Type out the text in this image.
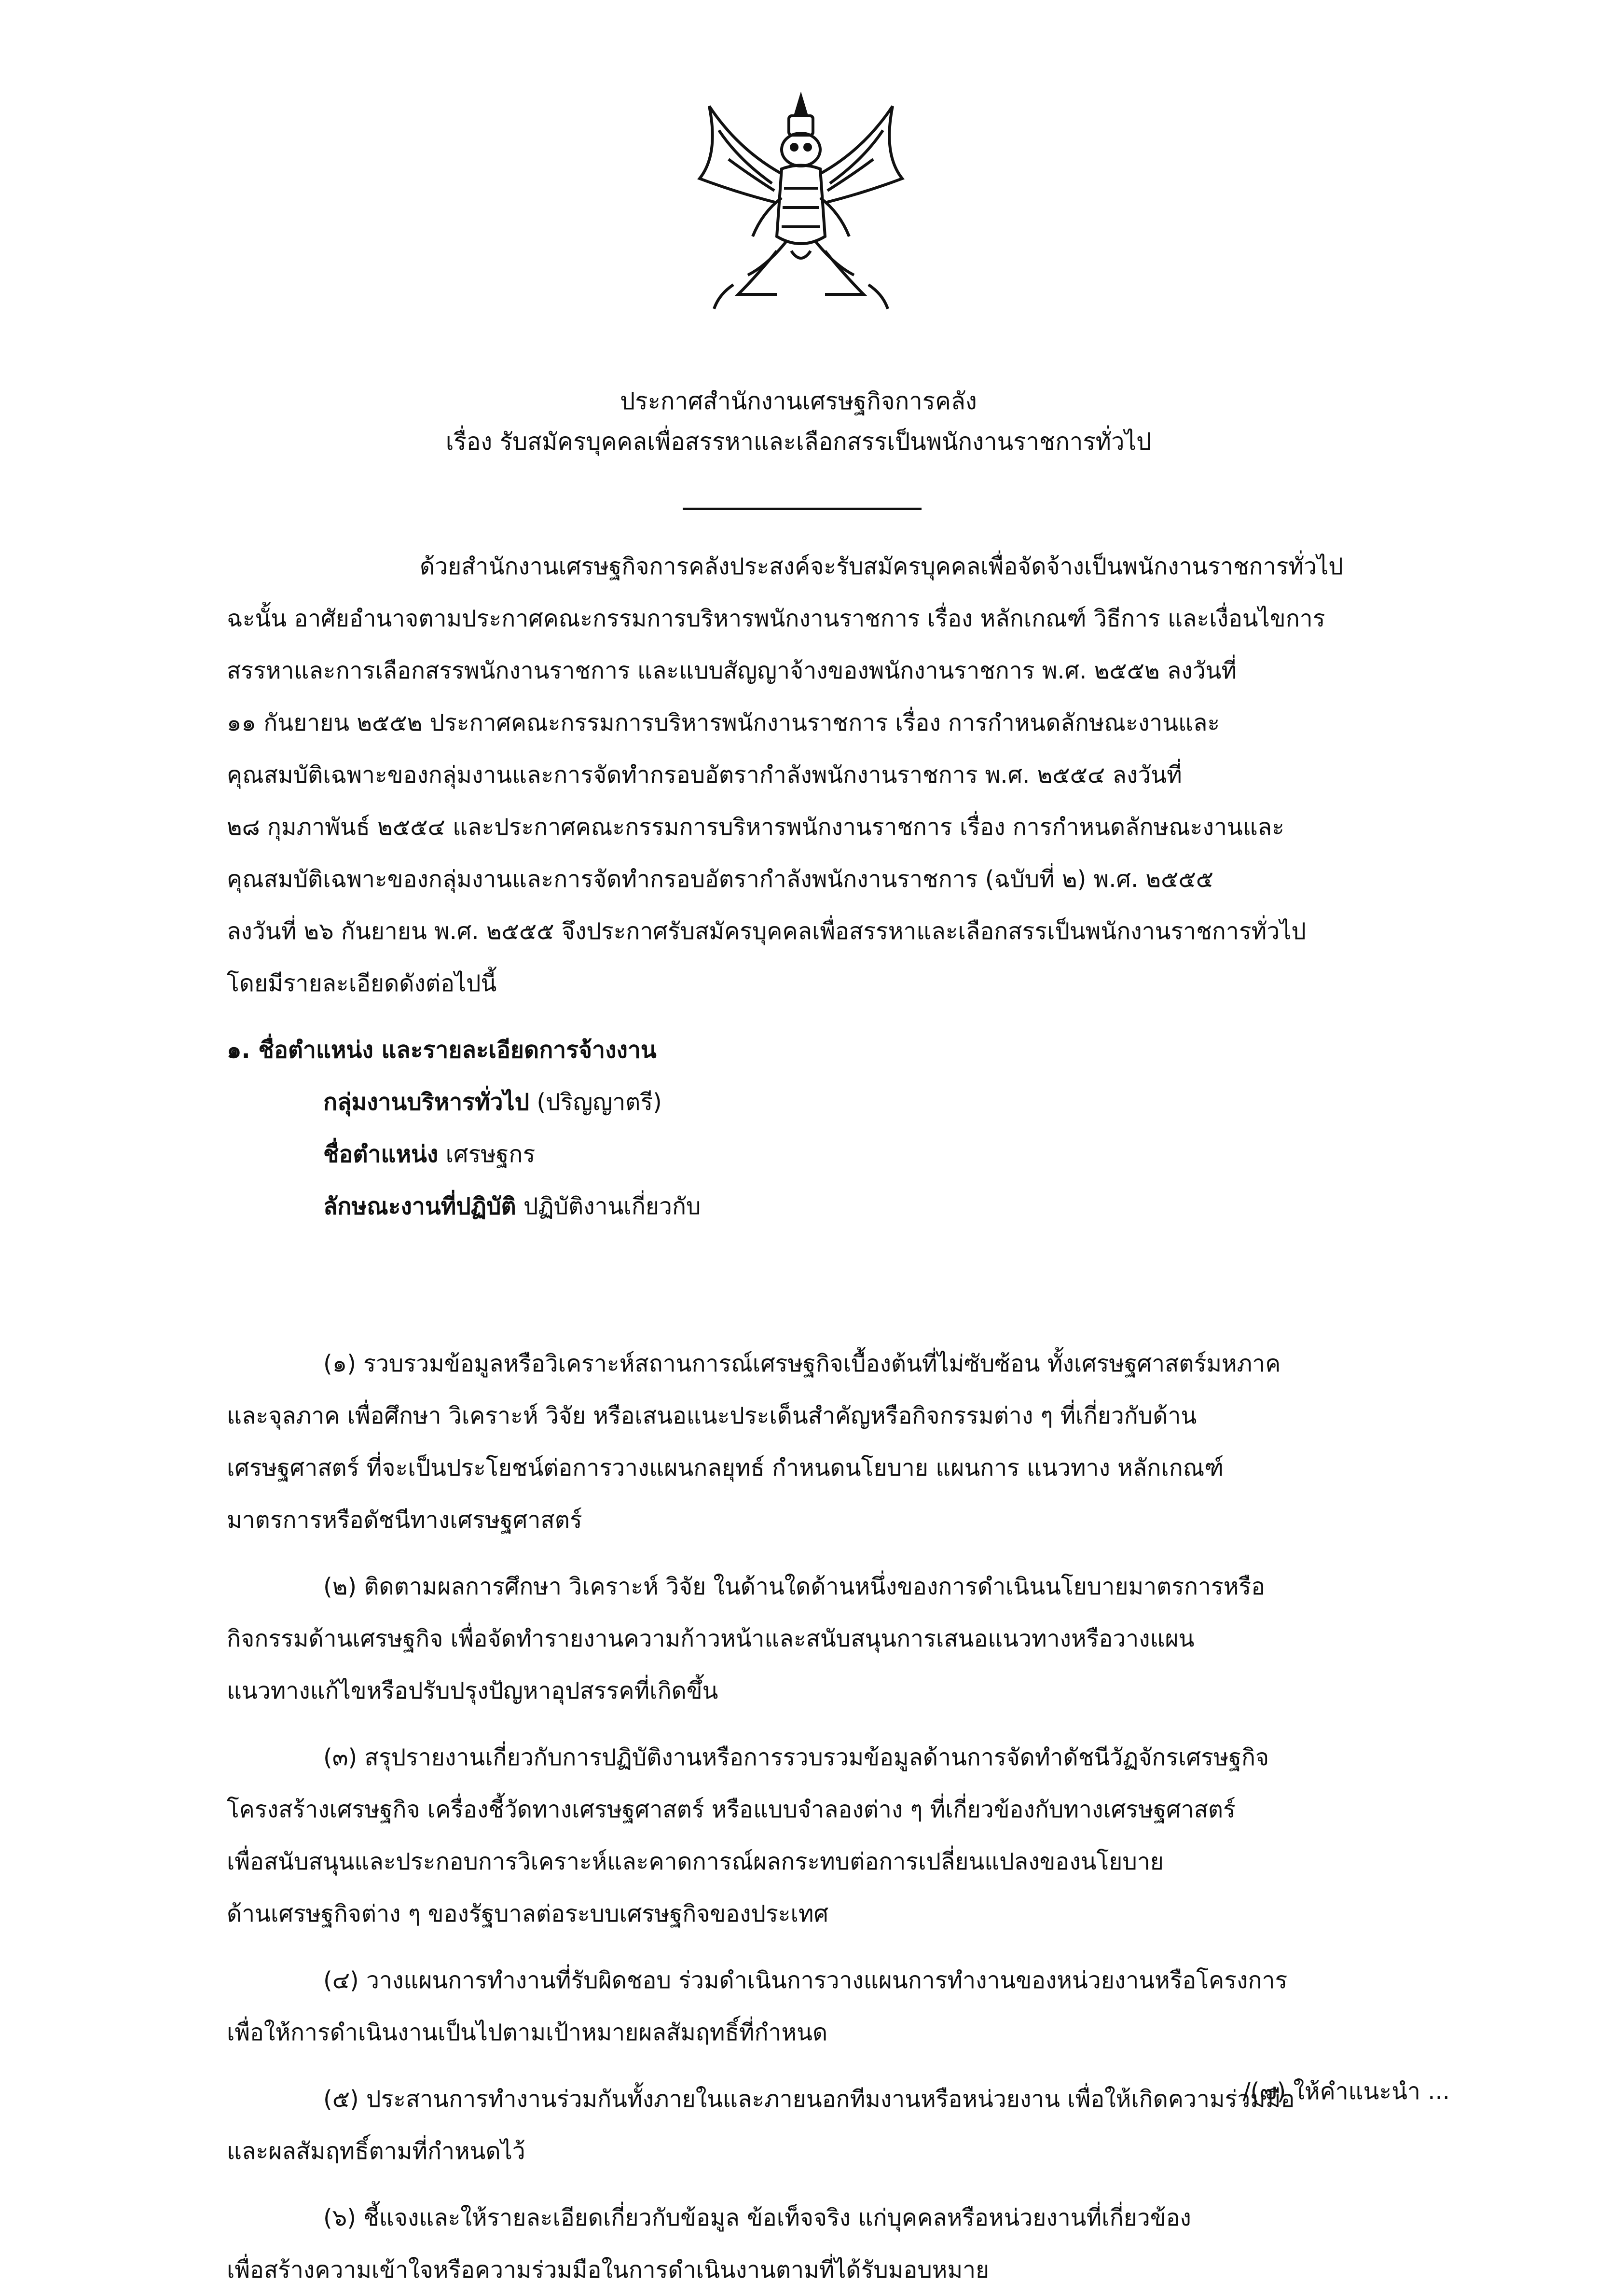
ประกาศสำนักงานเศรษฐกิจการคลัง
เรื่อง รับสมัครบุคคลเพื่อสรรหาและเลือกสรรเป็นพนักงานราชการทั่วไป
ด้วยสำนักงานเศรษฐกิจการคลังประสงค์จะรับสมัครบุคคลเพื่อจัดจ้างเป็นพนักงานราชการทั่วไป
ฉะนั้น อาศัยอำนาจตามประกาศคณะกรรมการบริหารพนักงานราชการ เรื่อง หลักเกณฑ์ วิธีการ และเงื่อนไขการ
สรรหาและการเลือกสรรพนักงานราชการ และแบบสัญญาจ้างของพนักงานราชการ พ.ศ. ๒๕๕๒ ลงวันที่
๑๑ กันยายน ๒๕๕๒ ประกาศคณะกรรมการบริหารพนักงานราชการ เรื่อง การกำหนดลักษณะงานและ
คุณสมบัติเฉพาะของกลุ่มงานและการจัดทำกรอบอัตรากำลังพนักงานราชการ พ.ศ. ๒๕๕๔ ลงวันที่
๒๘ กุมภาพันธ์ ๒๕๕๔ และประกาศคณะกรรมการบริหารพนักงานราชการ เรื่อง การกำหนดลักษณะงานและ
คุณสมบัติเฉพาะของกลุ่มงานและการจัดทำกรอบอัตรากำลังพนักงานราชการ (ฉบับที่ ๒) พ.ศ. ๒๕๕๕
ลงวันที่ ๒๖ กันยายน พ.ศ. ๒๕๕๕ จึงประกาศรับสมัครบุคคลเพื่อสรรหาและเลือกสรรเป็นพนักงานราชการทั่วไป
โดยมีรายละเอียดดังต่อไปนี้
๑. ชื่อตำแหน่ง และรายละเอียดการจ้างงาน
กลุ่มงานบริหารทั่วไป (ปริญญาตรี)
ชื่อตำแหน่ง เศรษฐกร
ลักษณะงานที่ปฏิบัติ ปฏิบัติงานเกี่ยวกับ
(๑) รวบรวมข้อมูลหรือวิเคราะห์สถานการณ์เศรษฐกิจเบื้องต้นที่ไม่ซับซ้อน ทั้งเศรษฐศาสตร์มหภาค
และจุลภาค เพื่อศึกษา วิเคราะห์ วิจัย หรือเสนอแนะประเด็นสำคัญหรือกิจกรรมต่าง ๆ ที่เกี่ยวกับด้าน
เศรษฐศาสตร์ ที่จะเป็นประโยชน์ต่อการวางแผนกลยุทธ์ กำหนดนโยบาย แผนการ แนวทาง หลักเกณฑ์
มาตรการหรือดัชนีทางเศรษฐศาสตร์
(๒) ติดตามผลการศึกษา วิเคราะห์ วิจัย ในด้านใดด้านหนึ่งของการดำเนินนโยบายมาตรการหรือ
กิจกรรมด้านเศรษฐกิจ เพื่อจัดทำรายงานความก้าวหน้าและสนับสนุนการเสนอแนวทางหรือวางแผน
แนวทางแก้ไขหรือปรับปรุงปัญหาอุปสรรคที่เกิดขึ้น
(๓) สรุปรายงานเกี่ยวกับการปฏิบัติงานหรือการรวบรวมข้อมูลด้านการจัดทำดัชนีวัฏจักรเศรษฐกิจ
โครงสร้างเศรษฐกิจ เครื่องชี้วัดทางเศรษฐศาสตร์ หรือแบบจำลองต่าง ๆ ที่เกี่ยวข้องกับทางเศรษฐศาสตร์
เพื่อสนับสนุนและประกอบการวิเคราะห์และคาดการณ์ผลกระทบต่อการเปลี่ยนแปลงของนโยบาย
ด้านเศรษฐกิจต่าง ๆ ของรัฐบาลต่อระบบเศรษฐกิจของประเทศ
(๔) วางแผนการทำงานที่รับผิดชอบ ร่วมดำเนินการวางแผนการทำงานของหน่วยงานหรือโครงการ
เพื่อให้การดำเนินงานเป็นไปตามเป้าหมายผลสัมฤทธิ์ที่กำหนด
(๕) ประสานการทำงานร่วมกันทั้งภายในและภายนอกทีมงานหรือหน่วยงาน เพื่อให้เกิดความร่วมมือ
และผลสัมฤทธิ์ตามที่กำหนดไว้
(๖) ชี้แจงและให้รายละเอียดเกี่ยวกับข้อมูล ข้อเท็จจริง แก่บุคคลหรือหน่วยงานที่เกี่ยวข้อง
เพื่อสร้างความเข้าใจหรือความร่วมมือในการดำเนินงานตามที่ได้รับมอบหมาย
/(๗) ให้คำแนะนำ ...
